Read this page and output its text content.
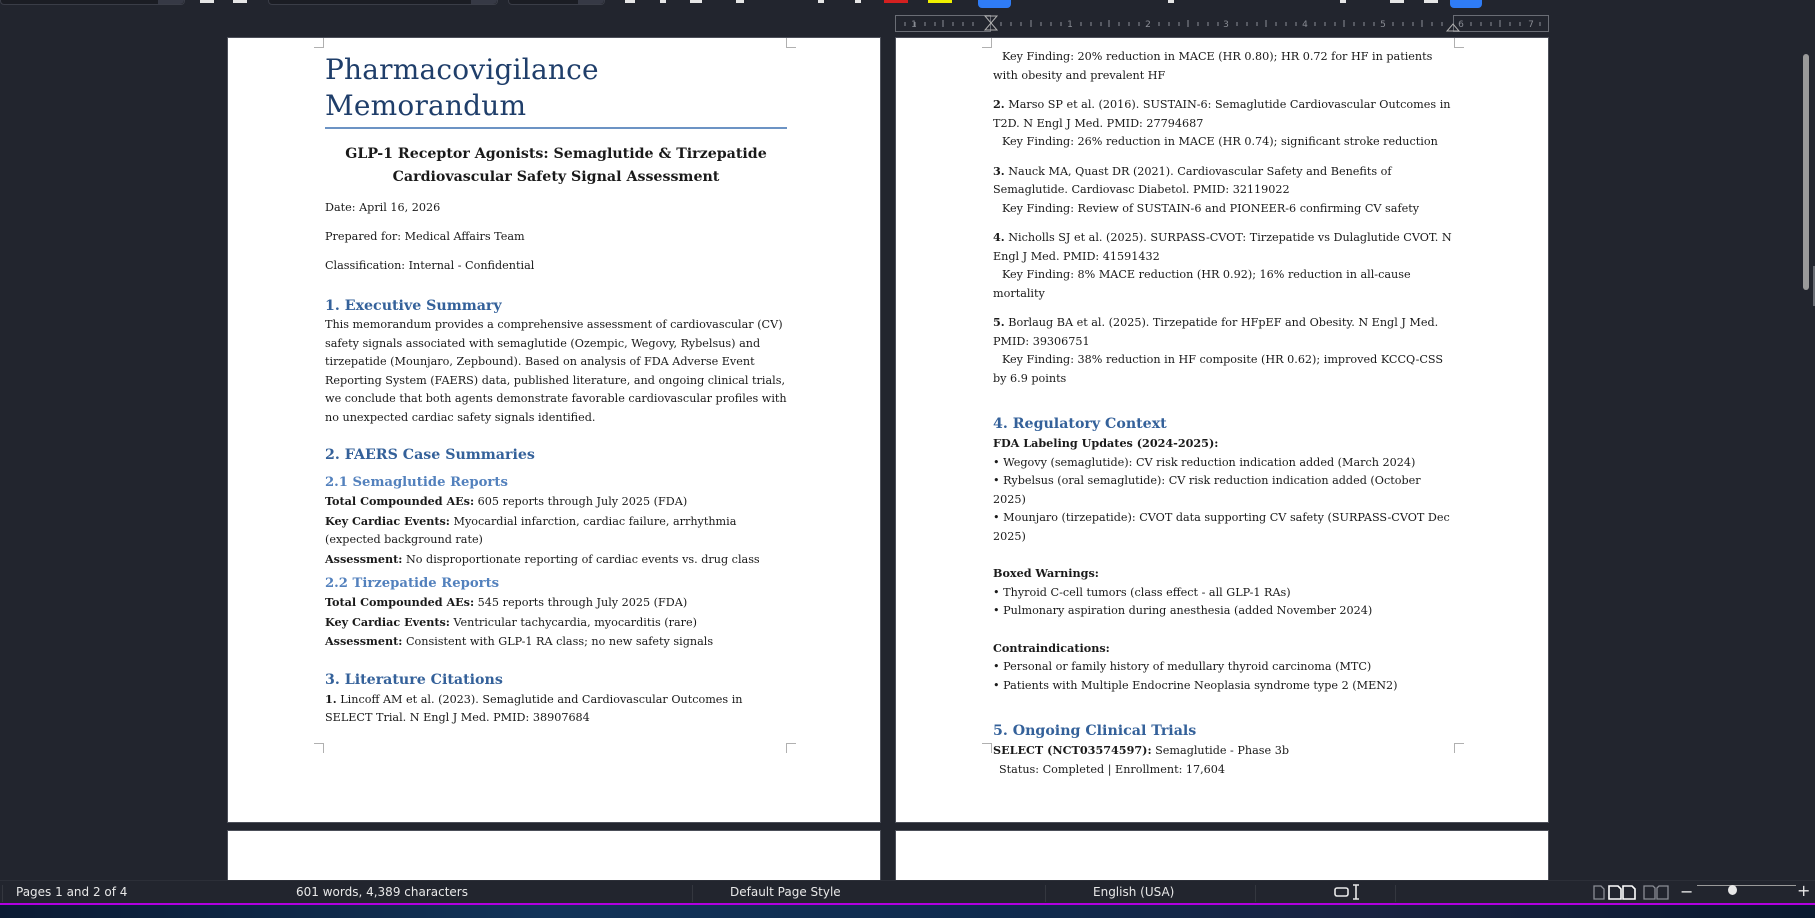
1	1	2	3	4	5	6	7
Pharmacovigilance Memorandum
GLP-1 Receptor Agonists: Semaglutide & Tirzepatide
Cardiovascular Safety Signal Assessment

Date: April 16, 2026

Prepared for: Medical Affairs Team

Classification: Internal - Confidential

1. Executive Summary

This memorandum provides a comprehensive assessment of cardiovascular (CV) safety signals associated with semaglutide (Ozempic, Wegovy, Rybelsus) and tirzepatide (Mounjaro, Zepbound). Based on analysis of FDA Adverse Event Reporting System (FAERS) data, published literature, and ongoing clinical trials, we conclude that both agents demonstrate favorable cardiovascular profiles with no unexpected cardiac safety signals identified.

2. FAERS Case Summaries
2.1 Semaglutide Reports

Total Compounded AEs: 605 reports through July 2025 (FDA)

Key Cardiac Events: Myocardial infarction, cardiac failure, arrhythmia (expected background rate)

Assessment: No disproportionate reporting of cardiac events vs. drug class

2.2 Tirzepatide Reports

Total Compounded AEs: 545 reports through July 2025 (FDA)

Key Cardiac Events: Ventricular tachycardia, myocarditis (rare)

Assessment: Consistent with GLP-1 RA class; no new safety signals

3. Literature Citations

1. Lincoff AM et al. (2023). Semaglutide and Cardiovascular Outcomes in SELECT Trial. N Engl J Med. PMID: 38907684

Key Finding: 20% reduction in MACE (HR 0.80); HR 0.72 for HF in patients with obesity and prevalent HF

2. Marso SP et al. (2016). SUSTAIN-6: Semaglutide Cardiovascular Outcomes in T2D. N Engl J Med. PMID: 27794687

Key Finding: 26% reduction in MACE (HR 0.74); significant stroke reduction

3. Nauck MA, Quast DR (2021). Cardiovascular Safety and Benefits of Semaglutide. Cardiovasc Diabetol. PMID: 32119022

Key Finding: Review of SUSTAIN-6 and PIONEER-6 confirming CV safety

4. Nicholls SJ et al. (2025). SURPASS-CVOT: Tirzepatide vs Dulaglutide CVOT. N Engl J Med. PMID: 41591432

Key Finding: 8% MACE reduction (HR 0.92); 16% reduction in all-cause mortality

5. Borlaug BA et al. (2025). Tirzepatide for HFpEF and Obesity. N Engl J Med. PMID: 39306751

Key Finding: 38% reduction in HF composite (HR 0.62); improved KCCQ-CSS by 6.9 points

4. Regulatory Context

FDA Labeling Updates (2024-2025):

• Wegovy (semaglutide): CV risk reduction indication added (March 2024)

• Rybelsus (oral semaglutide): CV risk reduction indication added (October 2025)

• Mounjaro (tirzepatide): CVOT data supporting CV safety (SURPASS-CVOT Dec 2025)

Boxed Warnings:

• Thyroid C-cell tumors (class effect - all GLP-1 RAs)

• Pulmonary aspiration during anesthesia (added November 2024)

Contraindications:

• Personal or family history of medullary thyroid carcinoma (MTC)

• Patients with Multiple Endocrine Neoplasia syndrome type 2 (MEN2)

5. Ongoing Clinical Trials

SELECT (NCT03574597): Semaglutide - Phase 3b

Status: Completed | Enrollment: 17,604

Pages 1 and 2 of 4	601 words, 4,389 characters	Default Page Style	English (USA)	−	+
